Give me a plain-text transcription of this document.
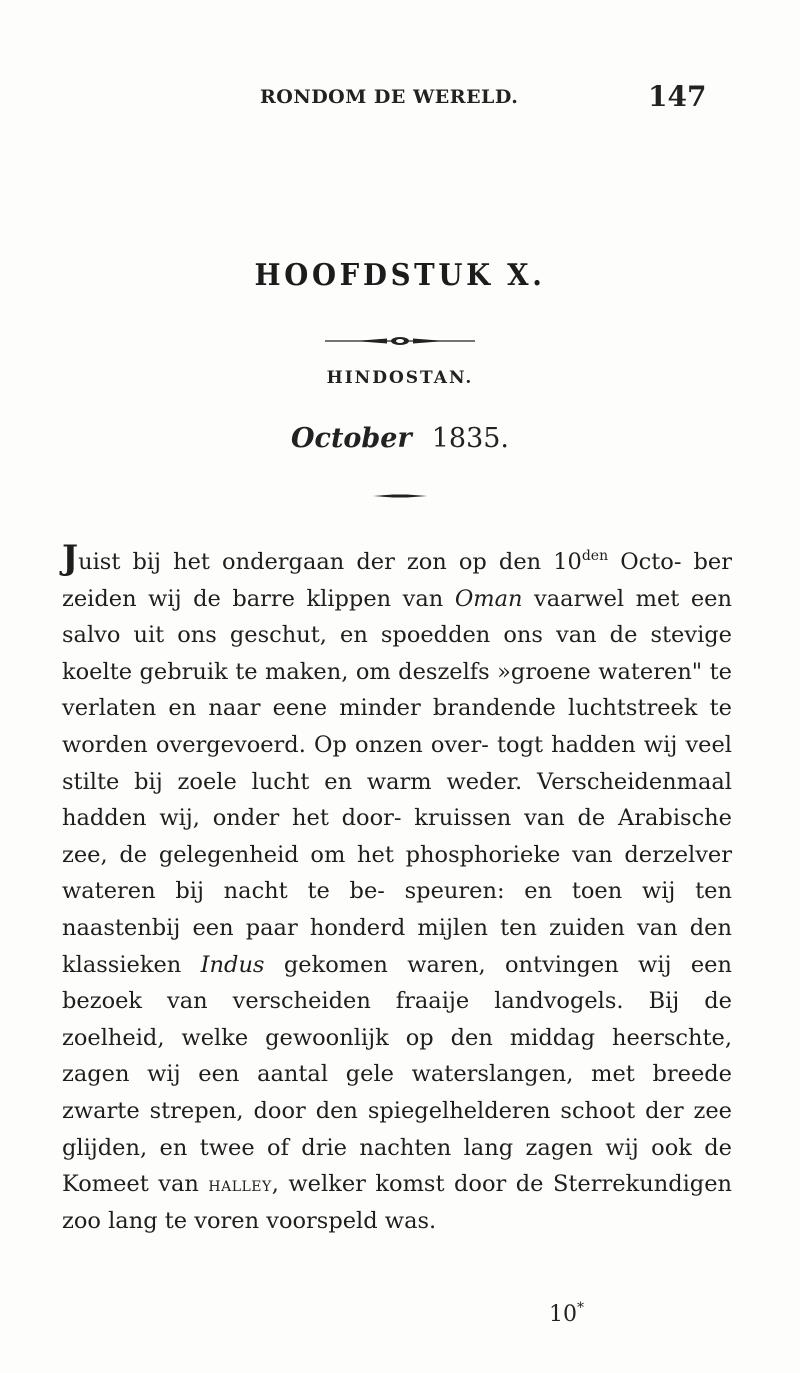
RONDOM DE WERELD.	147
HOOFDSTUK X.
HINDOSTAN.
October 1835.

Juist bij het ondergaan der zon op den $10^{den}$ Octo- ber zeiden wij de barre klippen van Oman vaarwel met een salvo uit ons geschut, en spoedden ons van de stevige koelte gebruik te maken, om deszelfs »groene wateren" te verlaten en naar eene minder brandende luchtstreek te worden overgevoerd. Op onzen over- togt hadden wij veel stilte bij zoele lucht en warm weder. Verscheidenmaal hadden wij, onder het door- kruissen van de Arabische zee, de gelegenheid om het phosphorieke van derzelver wateren bij nacht te be- speuren: en toen wij ten naastenbij een paar honderd mijlen ten zuiden van den klassieken Indus gekomen waren, ontvingen wij een bezoek van verscheiden fraaije landvogels. Bij de zoelheid, welke gewoonlijk op den middag heerschte, zagen wij een aantal gele waterslangen, met breede zwarte strepen, door den spiegelhelderen schoot der zee glijden, en twee of drie nachten lang zagen wij ook de Komeet van halley, welker komst door de Sterrekundigen zoo lang te voren voorspeld was.

10*
